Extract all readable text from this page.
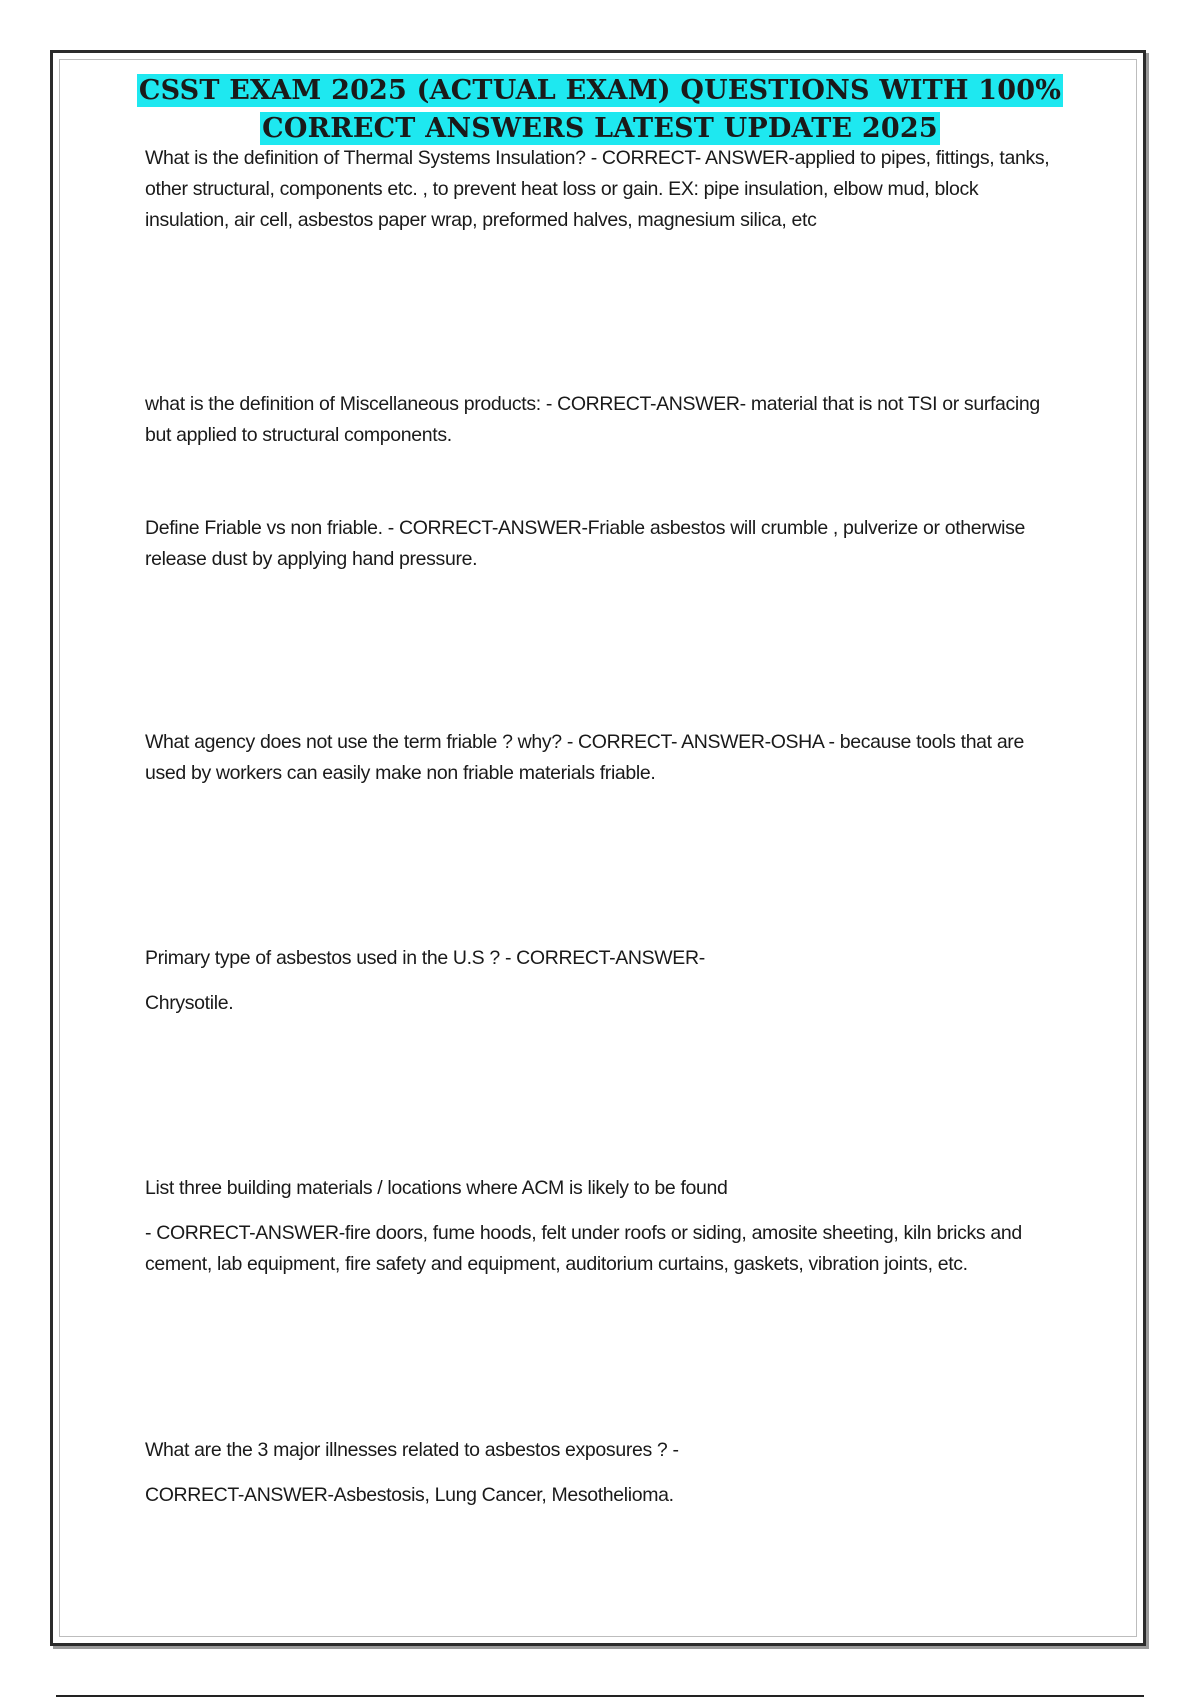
CSST EXAM 2025 (ACTUAL EXAM) QUESTIONS WITH 100%
CORRECT ANSWERS LATEST UPDATE 2025

What is the definition of Thermal Systems Insulation? - CORRECT- ANSWER-applied to pipes, fittings, tanks, other structural, components etc. , to prevent heat loss or gain. EX: pipe insulation, elbow mud, block insulation, air cell, asbestos paper wrap, preformed halves, magnesium silica, etc

what is the definition of Miscellaneous products: - CORRECT-ANSWER- material that is not TSI or surfacing but applied to structural components.

Define Friable vs non friable. - CORRECT-ANSWER-Friable asbestos will crumble , pulverize or otherwise release dust by applying hand pressure.

What agency does not use the term friable ? why? - CORRECT- ANSWER-OSHA - because tools that are used by workers can easily make non friable materials friable.

Primary type of asbestos used in the U.S ? - CORRECT-ANSWER-

Chrysotile.

List three building materials / locations where ACM is likely to be found

- CORRECT-ANSWER-fire doors, fume hoods, felt under roofs or siding, amosite sheeting, kiln bricks and cement, lab equipment, fire safety and equipment, auditorium curtains, gaskets, vibration joints, etc.

What are the 3 major illnesses related to asbestos exposures ? -

CORRECT-ANSWER-Asbestosis, Lung Cancer, Mesothelioma.
